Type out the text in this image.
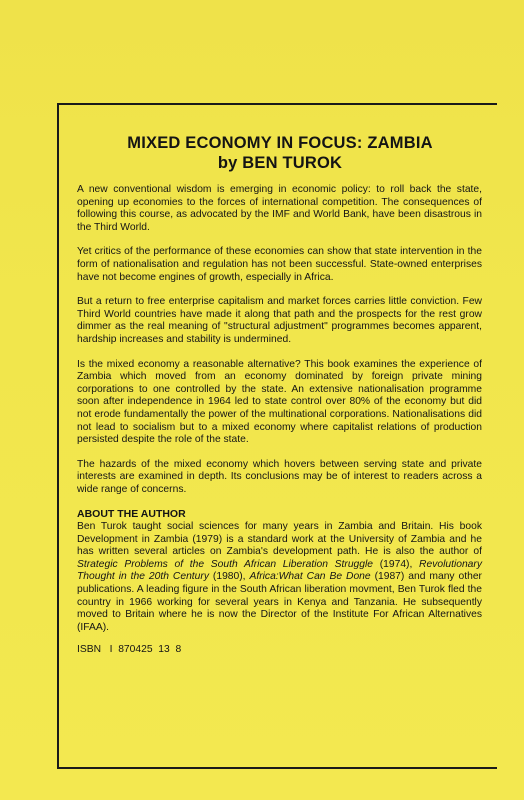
MIXED ECONOMY IN FOCUS: ZAMBIA
by BEN TUROK

A new conventional wisdom is emerging in economic policy: to roll back the state, opening up economies to the forces of international competition. The consequences of following this course, as advocated by the IMF and World Bank, have been disastrous in the Third World.

Yet critics of the performance of these economies can show that state intervention in the form of nationalisation and regulation has not been successful. State-owned enterprises have not become engines of growth, especially in Africa.

But a return to free enterprise capitalism and market forces carries little conviction. Few Third World countries have made it along that path and the prospects for the rest grow dimmer as the real meaning of "structural adjustment" programmes becomes apparent, hardship increases and stability is undermined.

Is the mixed economy a reasonable alternative? This book examines the experience of Zambia which moved from an economy dominated by foreign private mining corporations to one controlled by the state. An extensive nationalisation programme soon after independence in 1964 led to state control over 80% of the economy but did not erode fundamentally the power of the multinational corporations. Nationalisations did not lead to socialism but to a mixed economy where capitalist relations of production persisted despite the role of the state.

The hazards of the mixed economy which hovers between serving state and private interests are examined in depth. Its conclusions may be of interest to readers across a wide range of concerns.

ABOUT THE AUTHOR

Ben Turok taught social sciences for many years in Zambia and Britain. His book Development in Zambia (1979) is a standard work at the University of Zambia and he has written several articles on Zambia's development path. He is also the author of Strategic Problems of the South African Liberation Struggle (1974), Revolutionary Thought in the 20th Century (1980), Africa:What Can Be Done (1987) and many other publications. A leading figure in the South African liberation movment, Ben Turok fled the country in 1966 working for several years in Kenya and Tanzania. He subsequently moved to Britain where he is now the Director of the Institute For African Alternatives (IFAA).

ISBN   I  870425  13  8
